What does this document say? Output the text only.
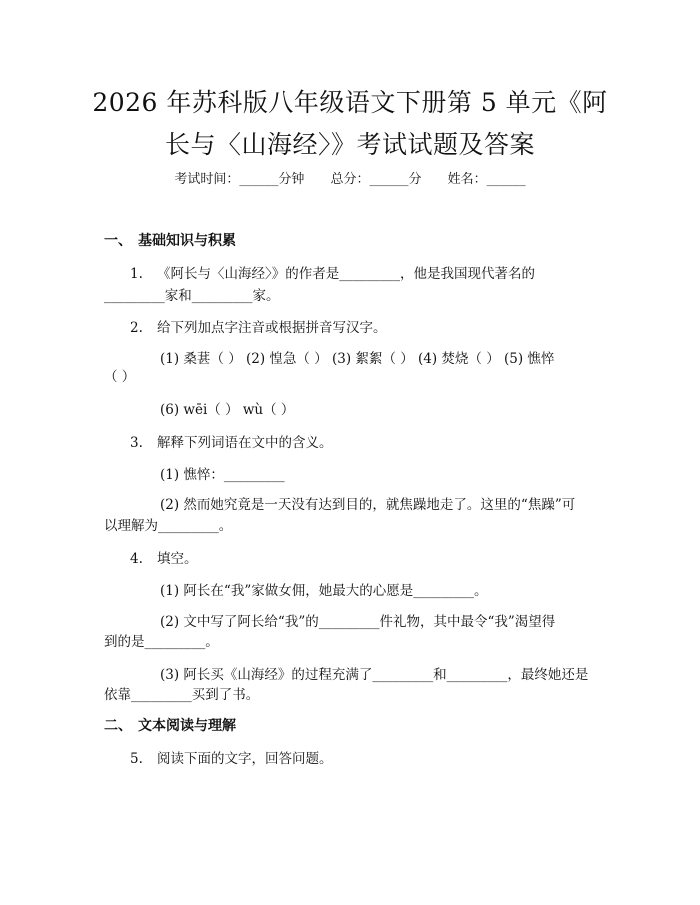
2026 年苏科版八年级语文下册第 5 单元《阿
长与〈山海经〉》考试试题及答案
考试时间：______分钟 总分：______分 姓名：______
一、 基础知识与积累
1. 《阿长与〈山海经〉》的作者是_________，他是我国现代著名的
_________家和_________家。
2. 给下列加点字注音或根据拼音写汉字。
(1) 桑葚（ ） (2) 惶急（ ） (3) 絮絮（ ） (4) 焚烧（ ） (5) 憔悴
（ ）
(6) wēi（ ） wù（ ）
3. 解释下列词语在文中的含义。
(1) 憔悴：_________
(2) 然而她究竟是一天没有达到目的，就焦躁地走了。这里的“焦躁”可
以理解为_________。
4. 填空。
(1) 阿长在“我”家做女佣，她最大的心愿是_________。
(2) 文中写了阿长给“我”的_________件礼物，其中最令“我”渴望得
到的是_________。
(3) 阿长买《山海经》的过程充满了_________和_________，最终她还是
依靠_________买到了书。
二、 文本阅读与理解
5. 阅读下面的文字，回答问题。
